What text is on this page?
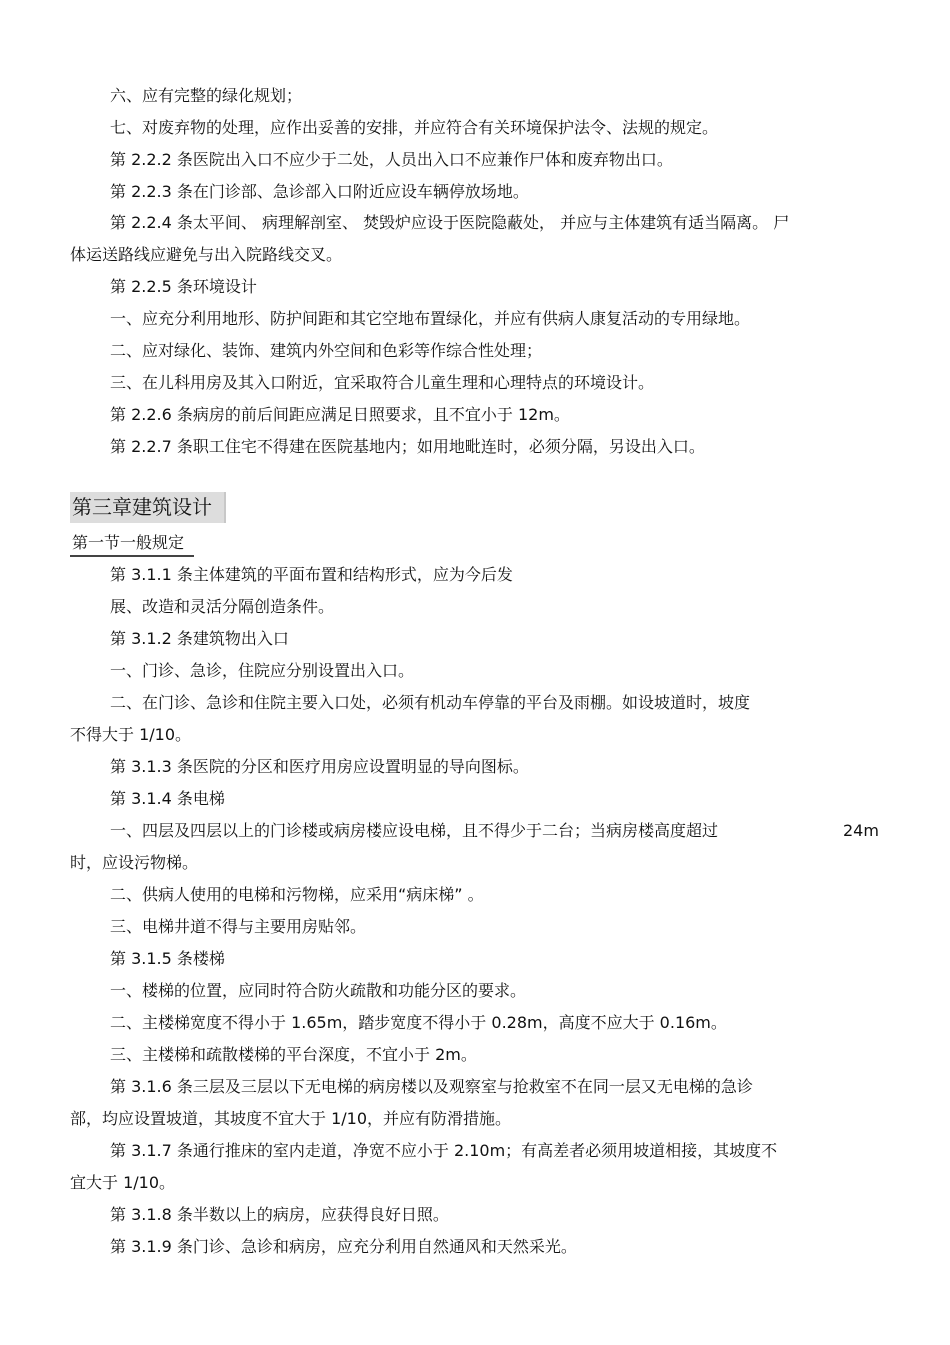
六、应有完整的绿化规划；
七、对废弃物的处理，应作出妥善的安排，并应符合有关环境保护法令、法规的规定。
第 2.2.2 条医院出入口不应少于二处，人员出入口不应兼作尸体和废弃物出口。
第 2.2.3 条在门诊部、急诊部入口附近应设车辆停放场地。
第 2.2.4 条太平间、 病理解剖室、 焚毁炉应设于医院隐蔽处， 并应与主体建筑有适当隔离。 尸
体运送路线应避免与出入院路线交叉。
第 2.2.5 条环境设计
一、应充分利用地形、防护间距和其它空地布置绿化，并应有供病人康复活动的专用绿地。
二、应对绿化、装饰、建筑内外空间和色彩等作综合性处理；
三、在儿科用房及其入口附近，宜采取符合儿童生理和心理特点的环境设计。
第 2.2.6 条病房的前后间距应满足日照要求，且不宜小于 12m。
第 2.2.7 条职工住宅不得建在医院基地内；如用地毗连时，必须分隔，另设出入口。
第三章建筑设计
第一节一般规定
第 3.1.1 条主体建筑的平面布置和结构形式，应为今后发
展、改造和灵活分隔创造条件。
第 3.1.2 条建筑物出入口
一、门诊、急诊，住院应分别设置出入口。
二、在门诊、急诊和住院主要入口处，必须有机动车停靠的平台及雨棚。如设坡道时，坡度
不得大于 1/10。
第 3.1.3 条医院的分区和医疗用房应设置明显的导向图标。
第 3.1.4 条电梯
一、四层及四层以上的门诊楼或病房楼应设电梯，且不得少于二台；当病房楼高度超过	24m
时，应设污物梯。
二、供病人使用的电梯和污物梯，应采用“病床梯” 。
三、电梯井道不得与主要用房贴邻。
第 3.1.5 条楼梯
一、楼梯的位置，应同时符合防火疏散和功能分区的要求。
二、主楼梯宽度不得小于 1.65m，踏步宽度不得小于 0.28m，高度不应大于 0.16m。
三、主楼梯和疏散楼梯的平台深度，不宜小于 2m。
第 3.1.6 条三层及三层以下无电梯的病房楼以及观察室与抢救室不在同一层又无电梯的急诊
部，均应设置坡道，其坡度不宜大于 1/10，并应有防滑措施。
第 3.1.7 条通行推床的室内走道，净宽不应小于 2.10m；有高差者必须用坡道相接，其坡度不
宜大于 1/10。
第 3.1.8 条半数以上的病房，应获得良好日照。
第 3.1.9 条门诊、急诊和病房，应充分利用自然通风和天然采光。
